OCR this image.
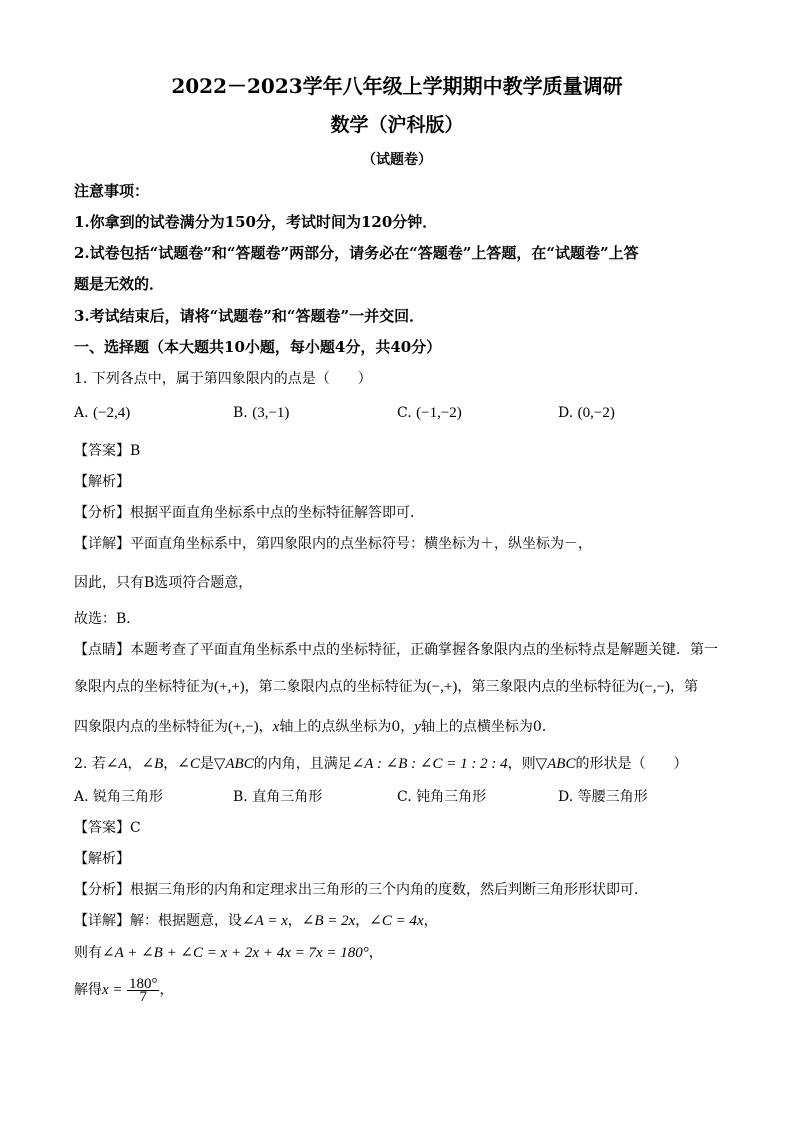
2022－2023学年八年级上学期期中教学质量调研
数学（沪科版）
（试题卷）
注意事项：
1.你拿到的试卷满分为150分，考试时间为120分钟．
2.试卷包括“试题卷”和“答题卷”两部分，请务必在“答题卷”上答题，在“试题卷”上答
题是无效的．
3.考试结束后，请将“试题卷”和“答题卷”一并交回．
一、选择题（本大题共10小题，每小题4分，共40分）
1. 下列各点中，属于第四象限内的点是（　　）
A. (−2,4)	B. (3,−1)	C. (−1,−2)	D. (0,−2)
【答案】B
【解析】
【分析】根据平面直角坐标系中点的坐标特征解答即可．
【详解】平面直角坐标系中，第四象限内的点坐标符号：横坐标为＋，纵坐标为－，
因此，只有B选项符合题意，
故选：B．
【点睛】本题考查了平面直角坐标系中点的坐标特征，正确掌握各象限内点的坐标特点是解题关键．第一
象限内点的坐标特征为(+,+)，第二象限内点的坐标特征为(−,+)，第三象限内点的坐标特征为(−,−)，第
四象限内点的坐标特征为(+,−)，x轴上的点纵坐标为0，y轴上的点横坐标为0．
2. 若∠A，∠B，∠C是▽ABC的内角，且满足∠A : ∠B : ∠C = 1 : 2 : 4，则▽ABC的形状是（　　）
A. 锐角三角形	B. 直角三角形	C. 钝角三角形	D. 等腰三角形
【答案】C
【解析】
【分析】根据三角形的内角和定理求出三角形的三个内角的度数，然后判断三角形形状即可．
【详解】解：根据题意，设∠A = x，∠B = 2x，∠C = 4x，
则有∠A + ∠B + ∠C = x + 2x + 4x = 7x = 180°，
解得$x = \frac{180^\circ}{7}$ ，
